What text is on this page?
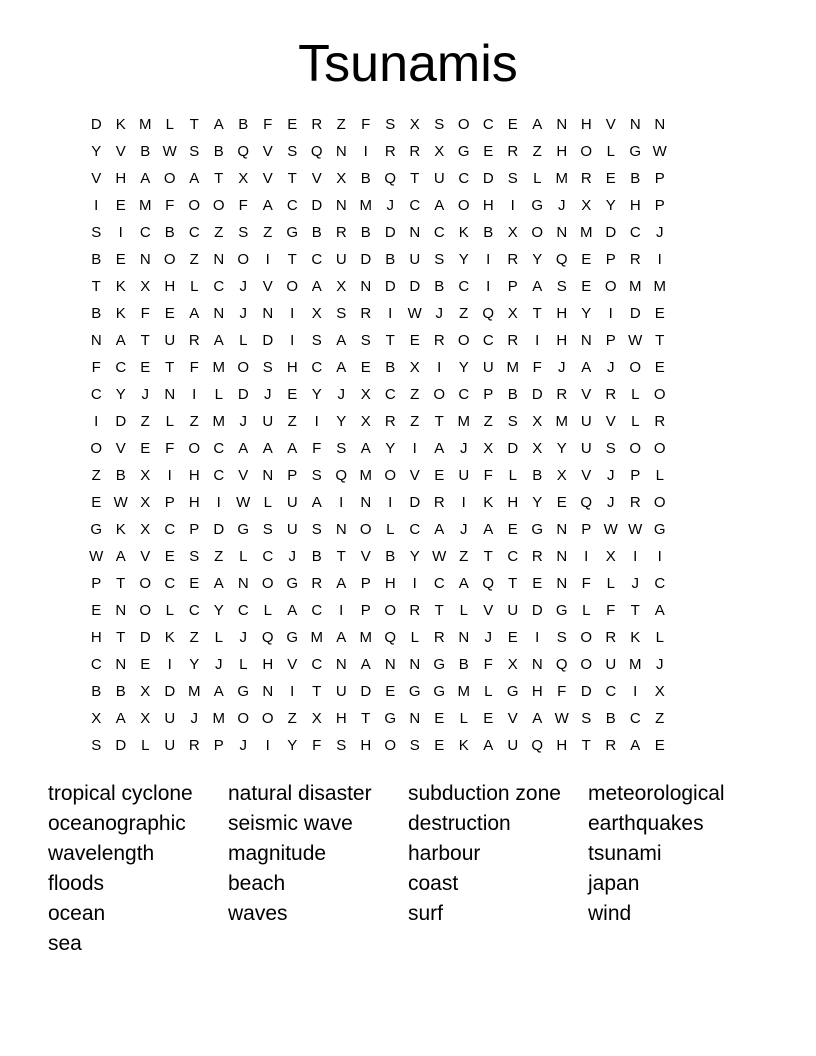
Tsunamis
D K M L	T A B F E R Z	F S X S O C E A N H V N N
Y V B W S B Q V S Q N	I	R R X G E R Z H O L G W
V H A O A T X V T V X B Q T U C D S	L M R E B P
I	E M F O O F A C D N M J	C A O H	I	G J	X Y H P
S	I	C B C Z S Z G B R B D N C K B X O N M D C	J
B E N O Z N O	I	T C U D B U S Y	I	R Y Q E P R	I
T K X H L C	J	V O A X N D D B C	I	P A S E O M M
B K F E A N	J	N	I	X S R	I	W J	Z Q X T H Y	I	D E
N A T U R A	L D	I	S A S T E R O C R	I	H N P W T
F C E T	F M O S H C A E B X	I	Y U M F	J	A	J O E
C Y	J	N	I	L D	J	E Y	J	X C Z O C P B D R V R L O
I	D Z	L	Z M J	U Z	I	Y X R Z	T M Z S X M U V	L R
O V E F O C A A A F S A Y	I	A	J	X D X Y U S O O
Z B X	I	H C V N P S Q M O V E U F	L	B X V	J	P	L
E W X P H	I	W L U A	I	N	I	D R	I	K H Y E Q J	R O
G K X C P D G S U S N O L C A	J	A E G N P W W G
W A V E S Z	L C	J	B T V B Y W Z	T C R N	I	X	I	I
P T O C E A N O G R A P H	I	C A Q T E N F	L	J	C
E N O L C Y C L	A C	I	P O R T	L	V U D G L	F	T A
H T D K Z	L	J Q G M A M Q L R N	J	E	I	S O R K	L
C N E	I	Y	J	L H V C N A N N G B F X N Q O U M J
B B X D M A G N	I	T U D E G G M L G H F D C	I	X
X A X U	J M O O Z X H T G N E	L	E V A W S B C Z
S D L U R P	J	I	Y F S H O S E K A U Q H T R A E
tropical cyclone	natural disaster	subduction zone	meteorological
oceanographic	seismic wave	destruction	earthquakes
wavelength	magnitude	harbour	tsunami
floods	beach	coast	japan
ocean	waves	surf	wind
sea
